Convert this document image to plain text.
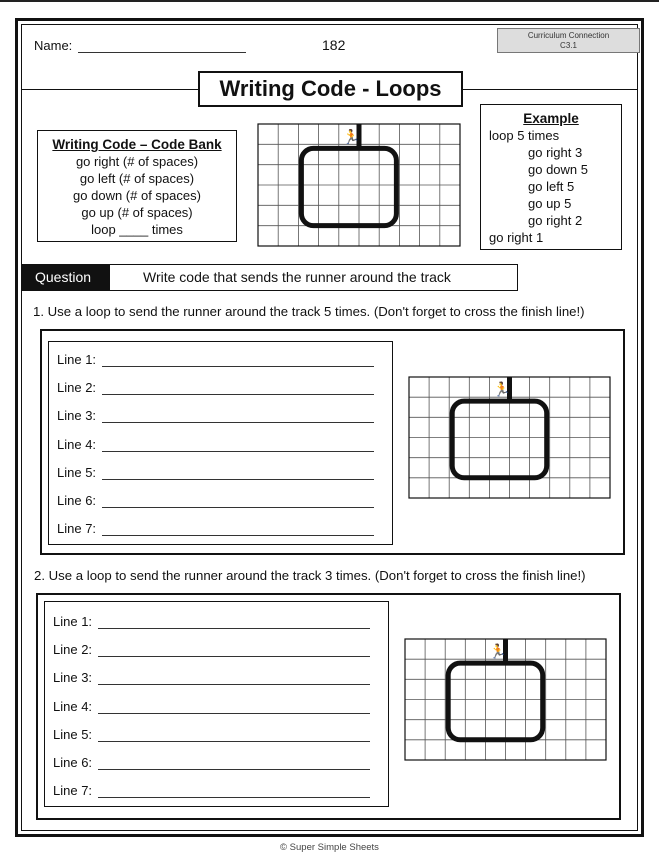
Name:	182
Curriculum Connection
C3.1
Writing Code - Loops
Writing Code – Code Bank
go right (# of spaces)
go left (# of spaces)
go down (# of spaces)
go up (# of spaces)
loop ____ times
🏃
Example
loop 5 times
go right 3
go down 5
go left 5
go up 5
go right 2
go right 1
Question	Write code that sends the runner around the track
1. Use a loop to send the runner around the track 5 times. (Don't forget to cross the finish line!)
🏃
2. Use a loop to send the runner around the track 3 times. (Don't forget to cross the finish line!)
🏃
© Super Simple Sheets
Line 1:
Line 2:
Line 3:
Line 4:
Line 5:
Line 6:
Line 7:
Line 1:
Line 2:
Line 3:
Line 4:
Line 5:
Line 6:
Line 7:
